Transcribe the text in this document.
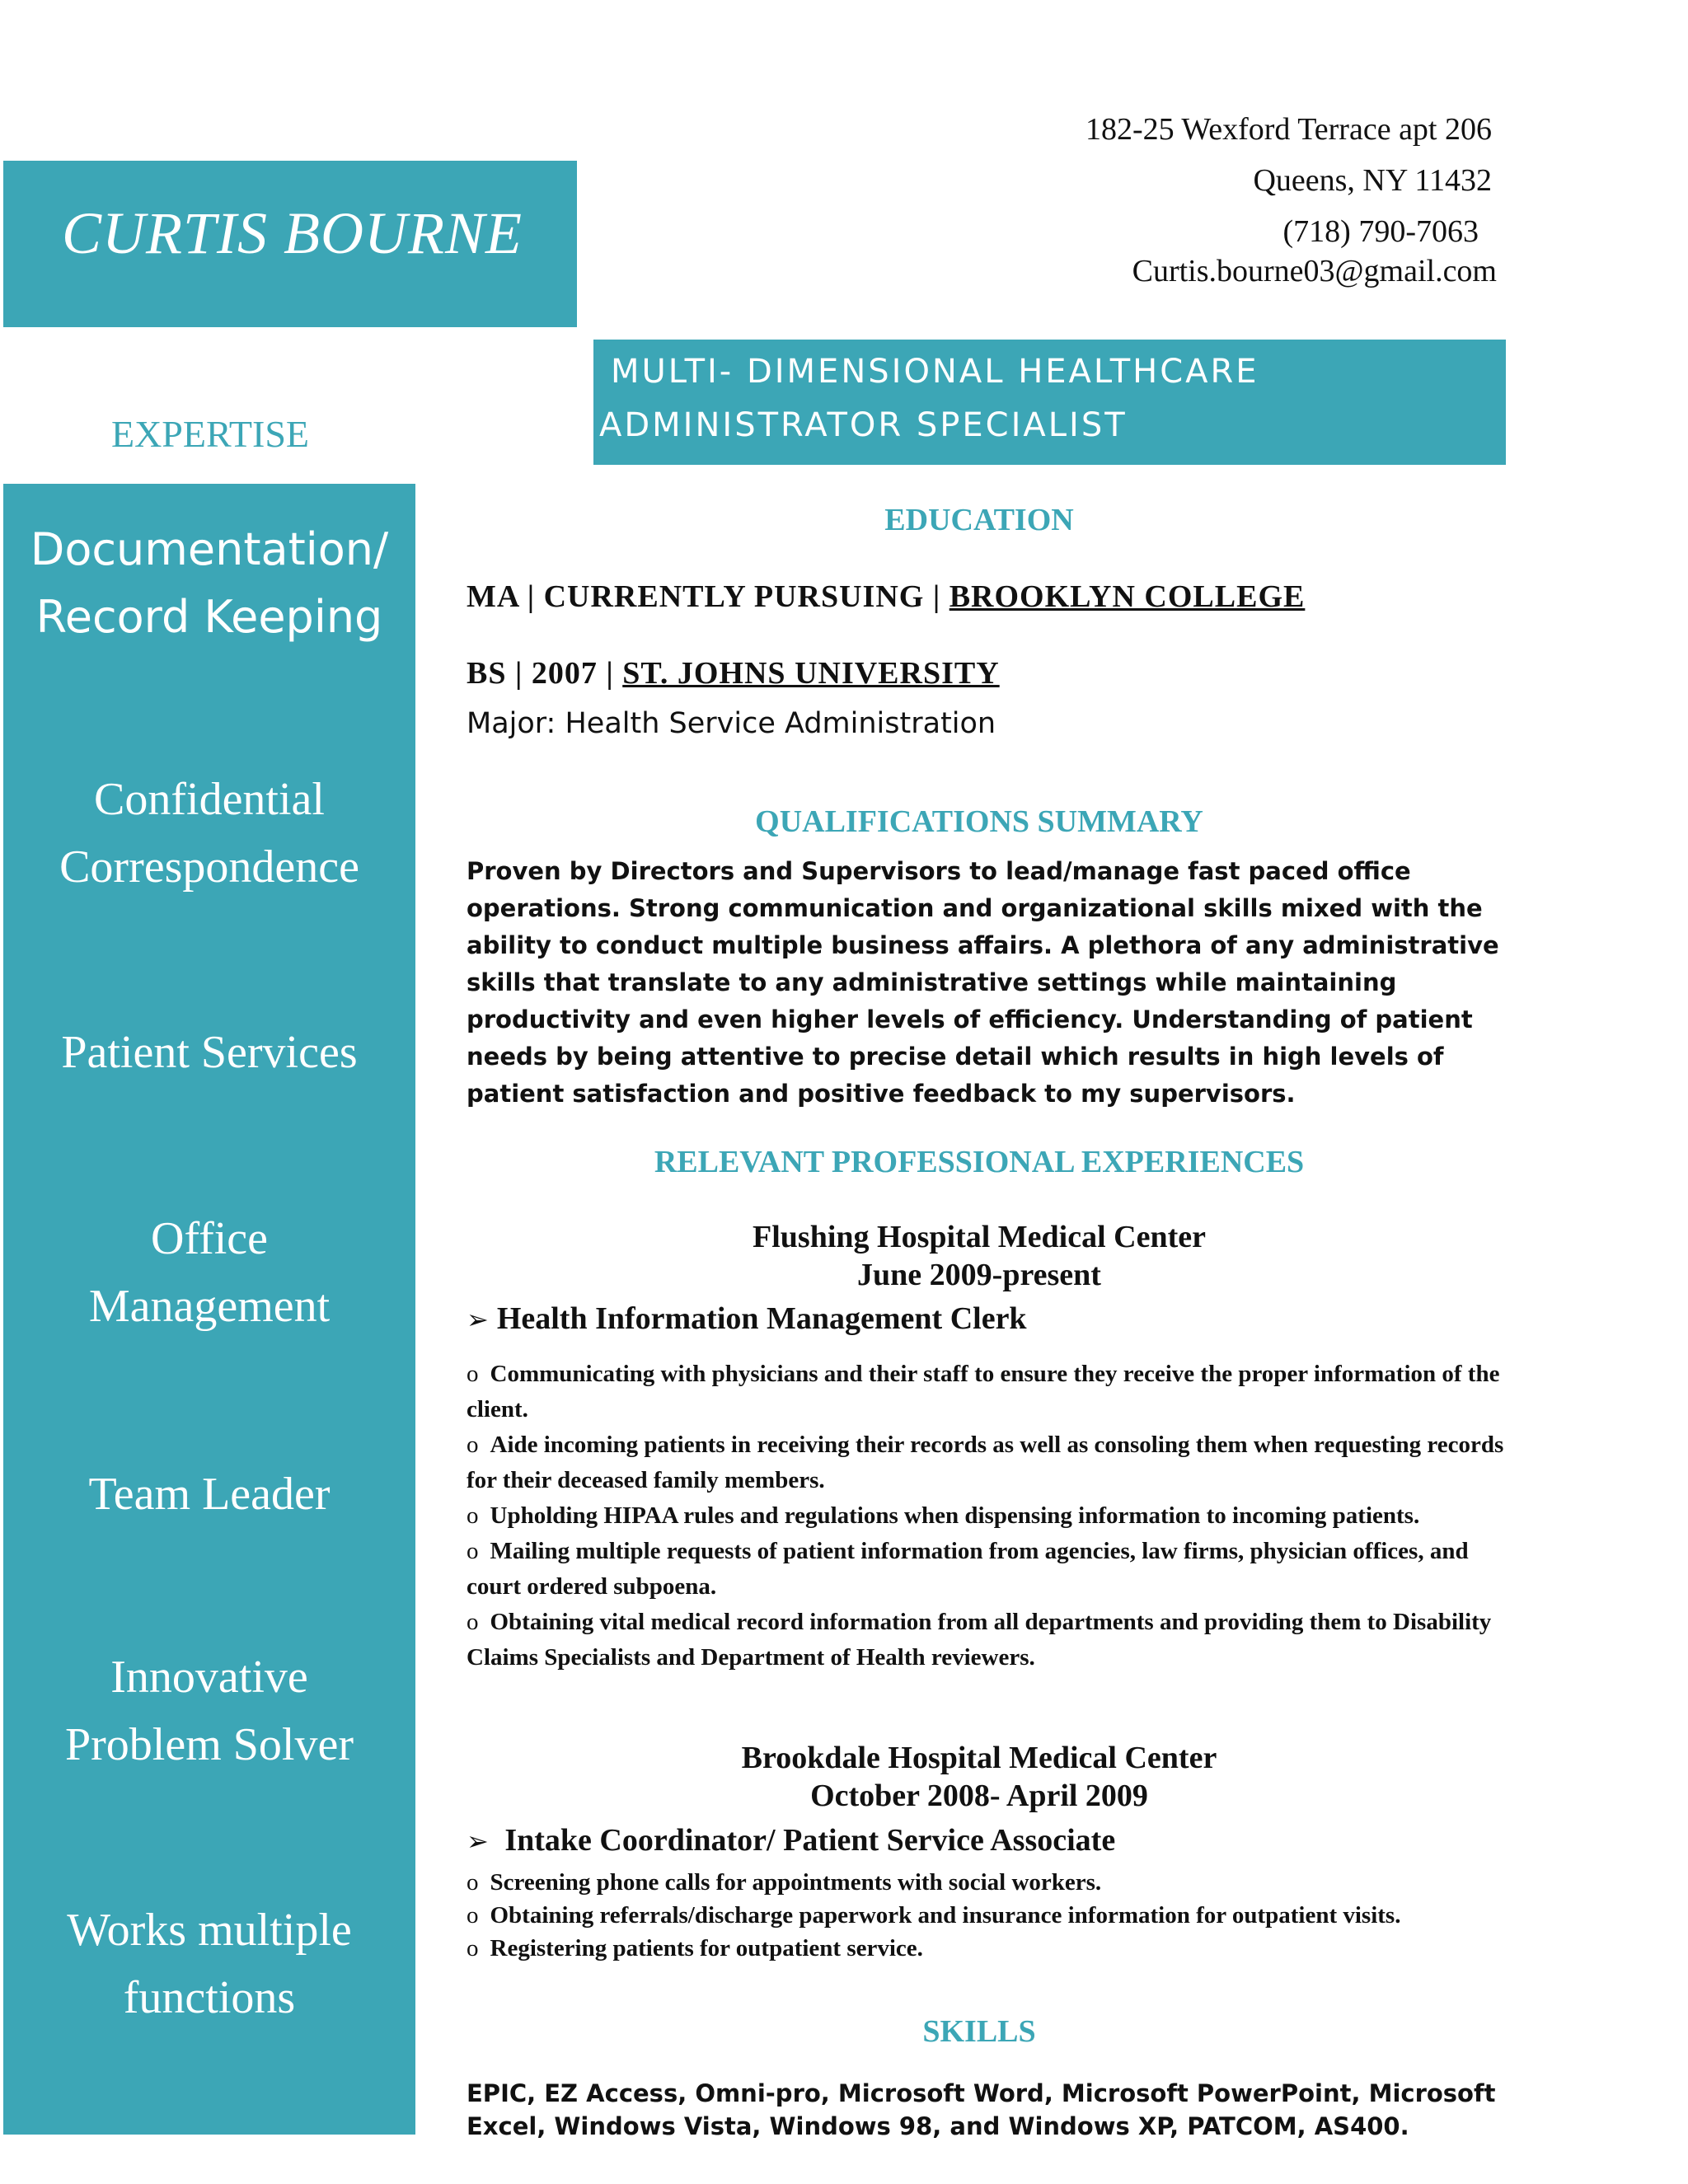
182-25 Wexford Terrace apt 206
Queens, NY 11432
(718) 790-7063
Curtis.bourne03@gmail.com
CURTIS BOURNE
EXPERTISE
MULTI- DIMENSIONAL HEALTHCARE
ADMINISTRATOR SPECIALIST
Documentation/
Record Keeping
Confidential
Correspondence
Patient Services
Office
Management
Team Leader
Innovative
Problem Solver
Works multiple
functions
EDUCATION
MA | CURRENTLY PURSUING | BROOKLYN COLLEGE
BS | 2007 | ST. JOHNS UNIVERSITY
Major: Health Service Administration
QUALIFICATIONS SUMMARY
Proven by Directors and Supervisors to lead/manage fast paced office operations. Strong communication and organizational skills mixed with the ability to conduct multiple business affairs. A plethora of any administrative skills that translate to any administrative settings while maintaining productivity and even higher levels of efficiency. Understanding of patient needs by being attentive to precise detail which results in high levels of patient satisfaction and positive feedback to my supervisors.
RELEVANT PROFESSIONAL EXPERIENCES
Flushing Hospital Medical Center
June 2009-present
➢ Health Information Management Clerk
o Communicating with physicians and their staff to ensure they receive the proper information of the client.
o Aide incoming patients in receiving their records as well as consoling them when requesting records for their deceased family members.
o Upholding HIPAA rules and regulations when dispensing information to incoming patients.
o Mailing multiple requests of patient information from agencies, law firms, physician offices, and court ordered subpoena.
o Obtaining vital medical record information from all departments and providing them to Disability Claims Specialists and Department of Health reviewers.
Brookdale Hospital Medical Center
October 2008- April 2009
➢ Intake Coordinator/ Patient Service Associate
o Screening phone calls for appointments with social workers.
o Obtaining referrals/discharge paperwork and insurance information for outpatient visits.
o Registering patients for outpatient service.
SKILLS
EPIC, EZ Access, Omni-pro, Microsoft Word, Microsoft PowerPoint, Microsoft Excel, Windows Vista, Windows 98, and Windows XP, PATCOM, AS400.
